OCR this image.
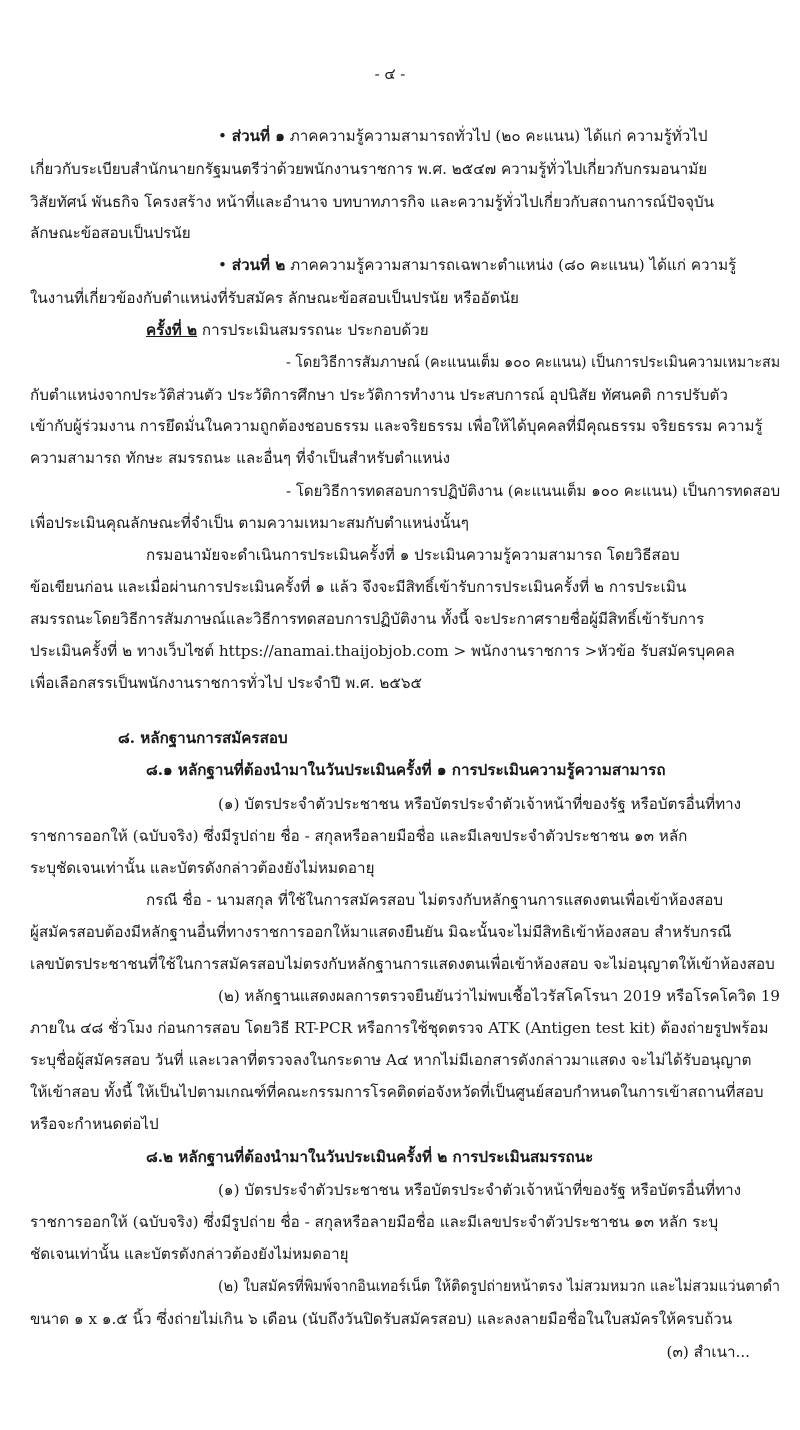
- ๔ -
• ส่วนที่ ๑ ภาคความรู้ความสามารถทั่วไป (๒๐ คะแนน) ได้แก่ ความรู้ทั่วไป
เกี่ยวกับระเบียบสำนักนายกรัฐมนตรีว่าด้วยพนักงานราชการ พ.ศ. ๒๕๔๗ ความรู้ทั่วไปเกี่ยวกับกรมอนามัย
วิสัยทัศน์ พันธกิจ โครงสร้าง หน้าที่และอำนาจ บทบาทภารกิจ และความรู้ทั่วไปเกี่ยวกับสถานการณ์ปัจจุบัน
ลักษณะข้อสอบเป็นปรนัย
• ส่วนที่ ๒ ภาคความรู้ความสามารถเฉพาะตำแหน่ง (๘๐ คะแนน) ได้แก่ ความรู้
ในงานที่เกี่ยวข้องกับตำแหน่งที่รับสมัคร ลักษณะข้อสอบเป็นปรนัย หรืออัตนัย
ครั้งที่ ๒ การประเมินสมรรถนะ ประกอบด้วย
- โดยวิธีการสัมภาษณ์ (คะแนนเต็ม ๑๐๐ คะแนน) เป็นการประเมินความเหมาะสม
กับตำแหน่งจากประวัติส่วนตัว ประวัติการศึกษา ประวัติการทำงาน ประสบการณ์ อุปนิสัย ทัศนคติ การปรับตัว
เข้ากับผู้ร่วมงาน การยึดมั่นในความถูกต้องชอบธรรม และจริยธรรม เพื่อให้ได้บุคคลที่มีคุณธรรม จริยธรรม ความรู้
ความสามารถ ทักษะ สมรรถนะ และอื่นๆ ที่จำเป็นสำหรับตำแหน่ง
- โดยวิธีการทดสอบการปฏิบัติงาน (คะแนนเต็ม ๑๐๐ คะแนน) เป็นการทดสอบ
เพื่อประเมินคุณลักษณะที่จำเป็น ตามความเหมาะสมกับตำแหน่งนั้นๆ
กรมอนามัยจะดำเนินการประเมินครั้งที่ ๑ ประเมินความรู้ความสามารถ โดยวิธีสอบ
ข้อเขียนก่อน และเมื่อผ่านการประเมินครั้งที่ ๑ แล้ว จึงจะมีสิทธิ์เข้ารับการประเมินครั้งที่ ๒ การประเมิน
สมรรถนะโดยวิธีการสัมภาษณ์และวิธีการทดสอบการปฏิบัติงาน ทั้งนี้ จะประกาศรายชื่อผู้มีสิทธิ์เข้ารับการ
ประเมินครั้งที่ ๒ ทางเว็บไซต์ https://anamai.thaijobjob.com > พนักงานราชการ >หัวข้อ รับสมัครบุคคล
เพื่อเลือกสรรเป็นพนักงานราชการทั่วไป ประจำปี พ.ศ. ๒๕๖๕
๘. หลักฐานการสมัครสอบ
๘.๑ หลักฐานที่ต้องนำมาในวันประเมินครั้งที่ ๑ การประเมินความรู้ความสามารถ
(๑) บัตรประจำตัวประชาชน หรือบัตรประจำตัวเจ้าหน้าที่ของรัฐ หรือบัตรอื่นที่ทาง
ราชการออกให้ (ฉบับจริง) ซึ่งมีรูปถ่าย ชื่อ - สกุลหรือลายมือชื่อ และมีเลขประจำตัวประชาชน ๑๓ หลัก
ระบุชัดเจนเท่านั้น และบัตรดังกล่าวต้องยังไม่หมดอายุ
กรณี ชื่อ - นามสกุล ที่ใช้ในการสมัครสอบ ไม่ตรงกับหลักฐานการแสดงตนเพื่อเข้าห้องสอบ
ผู้สมัครสอบต้องมีหลักฐานอื่นที่ทางราชการออกให้มาแสดงยืนยัน มิฉะนั้นจะไม่มีสิทธิเข้าห้องสอบ สำหรับกรณี
เลขบัตรประชาชนที่ใช้ในการสมัครสอบไม่ตรงกับหลักฐานการแสดงตนเพื่อเข้าห้องสอบ จะไม่อนุญาตให้เข้าห้องสอบ
(๒) หลักฐานแสดงผลการตรวจยืนยันว่าไม่พบเชื้อไวรัสโคโรนา 2019 หรือโรคโควิด 19
ภายใน ๔๘ ชั่วโมง ก่อนการสอบ โดยวิธี RT-PCR หรือการใช้ชุดตรวจ ATK (Antigen test kit) ต้องถ่ายรูปพร้อม
ระบุชื่อผู้สมัครสอบ วันที่ และเวลาที่ตรวจลงในกระดาษ A๔ หากไม่มีเอกสารดังกล่าวมาแสดง จะไม่ได้รับอนุญาต
ให้เข้าสอบ ทั้งนี้ ให้เป็นไปตามเกณฑ์ที่คณะกรรมการโรคติดต่อจังหวัดที่เป็นศูนย์สอบกำหนดในการเข้าสถานที่สอบ
หรือจะกำหนดต่อไป
๘.๒ หลักฐานที่ต้องนำมาในวันประเมินครั้งที่ ๒ การประเมินสมรรถนะ
(๑) บัตรประจำตัวประชาชน หรือบัตรประจำตัวเจ้าหน้าที่ของรัฐ หรือบัตรอื่นที่ทาง
ราชการออกให้ (ฉบับจริง) ซึ่งมีรูปถ่าย ชื่อ - สกุลหรือลายมือชื่อ และมีเลขประจำตัวประชาชน ๑๓ หลัก ระบุ
ชัดเจนเท่านั้น และบัตรดังกล่าวต้องยังไม่หมดอายุ
(๒) ใบสมัครที่พิมพ์จากอินเทอร์เน็ต ให้ติดรูปถ่ายหน้าตรง ไม่สวมหมวก และไม่สวมแว่นตาดำ
ขนาด ๑ x ๑.๕ นิ้ว ซึ่งถ่ายไม่เกิน ๖ เดือน (นับถึงวันปิดรับสมัครสอบ) และลงลายมือชื่อในใบสมัครให้ครบถ้วน
(๓) สำเนา...
